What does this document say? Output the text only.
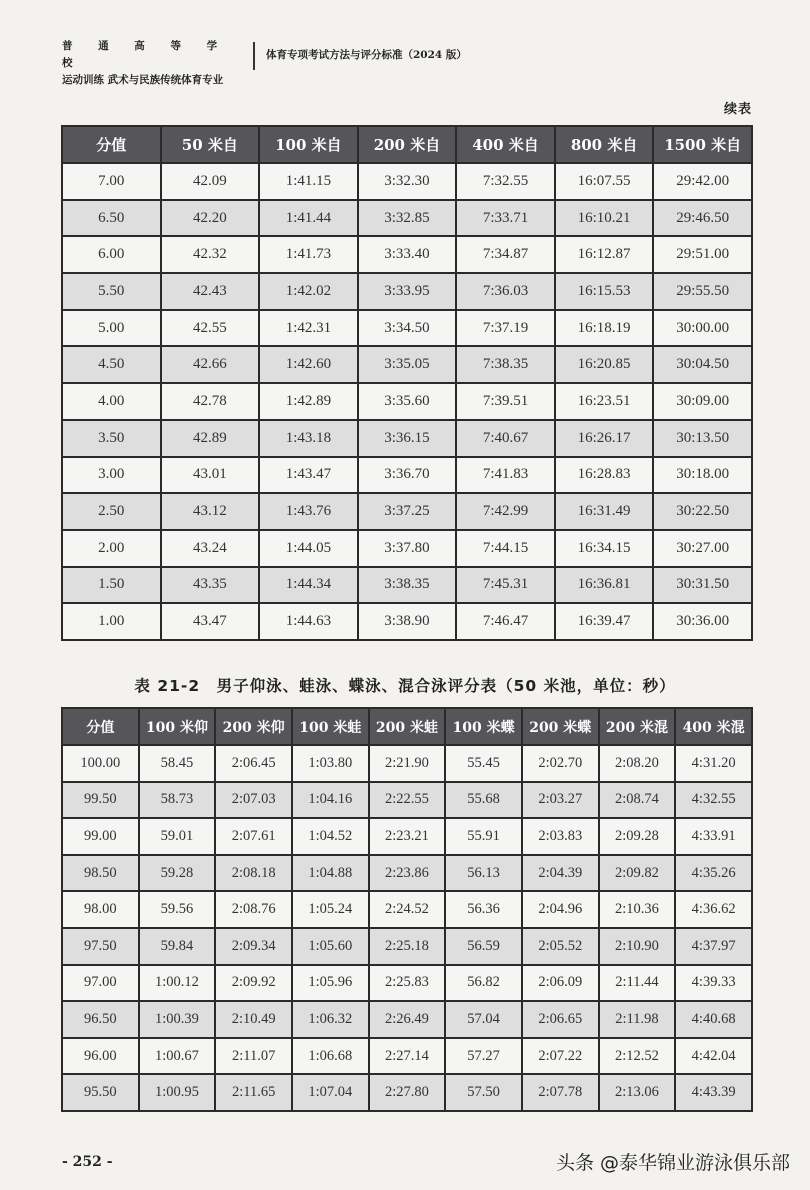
普 通 高 等 学 校
运动训练 武术与民族传统体育专业
体育专项考试方法与评分标准（2024 版）
续表
分值	50 米自	100 米自	200 米自	400 米自	800 米自	1500 米自
7.00	42.09	1:41.15	3:32.30	7:32.55	16:07.55	29:42.00
6.50	42.20	1:41.44	3:32.85	7:33.71	16:10.21	29:46.50
6.00	42.32	1:41.73	3:33.40	7:34.87	16:12.87	29:51.00
5.50	42.43	1:42.02	3:33.95	7:36.03	16:15.53	29:55.50
5.00	42.55	1:42.31	3:34.50	7:37.19	16:18.19	30:00.00
4.50	42.66	1:42.60	3:35.05	7:38.35	16:20.85	30:04.50
4.00	42.78	1:42.89	3:35.60	7:39.51	16:23.51	30:09.00
3.50	42.89	1:43.18	3:36.15	7:40.67	16:26.17	30:13.50
3.00	43.01	1:43.47	3:36.70	7:41.83	16:28.83	30:18.00
2.50	43.12	1:43.76	3:37.25	7:42.99	16:31.49	30:22.50
2.00	43.24	1:44.05	3:37.80	7:44.15	16:34.15	30:27.00
1.50	43.35	1:44.34	3:38.35	7:45.31	16:36.81	30:31.50
1.00	43.47	1:44.63	3:38.90	7:46.47	16:39.47	30:36.00
表 21-2　男子仰泳、蛙泳、蝶泳、混合泳评分表（50 米池，单位：秒）
分值	100 米仰	200 米仰	100 米蛙	200 米蛙	100 米蝶	200 米蝶	200 米混	400 米混
100.00	58.45	2:06.45	1:03.80	2:21.90	55.45	2:02.70	2:08.20	4:31.20
99.50	58.73	2:07.03	1:04.16	2:22.55	55.68	2:03.27	2:08.74	4:32.55
99.00	59.01	2:07.61	1:04.52	2:23.21	55.91	2:03.83	2:09.28	4:33.91
98.50	59.28	2:08.18	1:04.88	2:23.86	56.13	2:04.39	2:09.82	4:35.26
98.00	59.56	2:08.76	1:05.24	2:24.52	56.36	2:04.96	2:10.36	4:36.62
97.50	59.84	2:09.34	1:05.60	2:25.18	56.59	2:05.52	2:10.90	4:37.97
97.00	1:00.12	2:09.92	1:05.96	2:25.83	56.82	2:06.09	2:11.44	4:39.33
96.50	1:00.39	2:10.49	1:06.32	2:26.49	57.04	2:06.65	2:11.98	4:40.68
96.00	1:00.67	2:11.07	1:06.68	2:27.14	57.27	2:07.22	2:12.52	4:42.04
95.50	1:00.95	2:11.65	1:07.04	2:27.80	57.50	2:07.78	2:13.06	4:43.39
- 252 -	头条 @泰华锦业游泳俱乐部
